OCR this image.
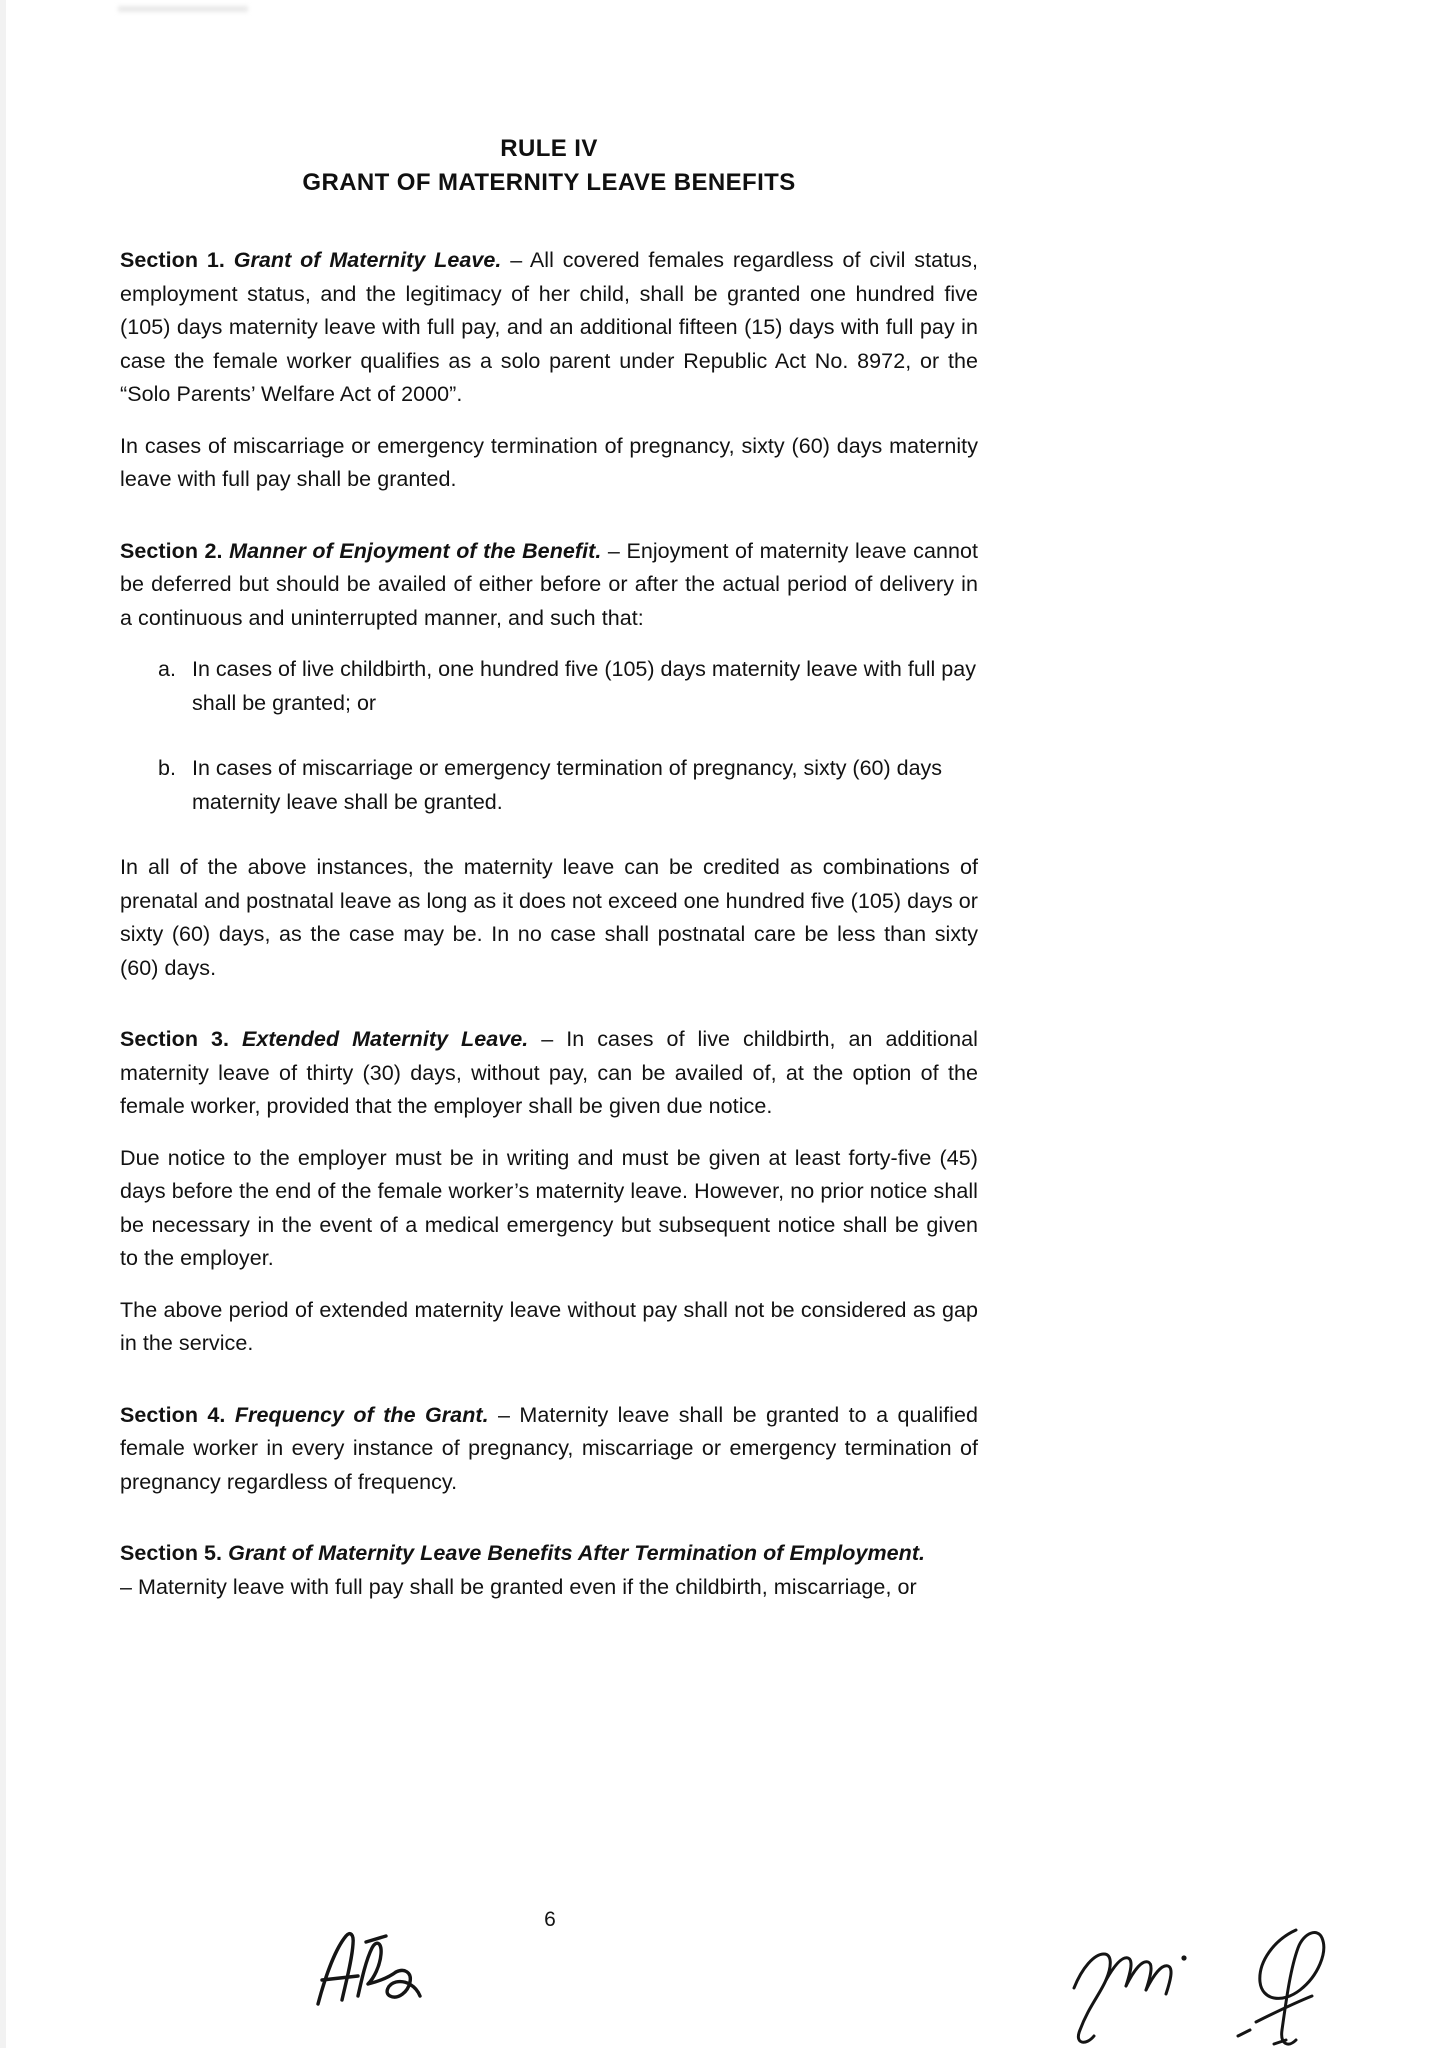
RULE IV
GRANT OF MATERNITY LEAVE BENEFITS

Section 1. Grant of Maternity Leave. – All covered females regardless of civil status, employment status, and the legitimacy of her child, shall be granted one hundred five (105) days maternity leave with full pay, and an additional fifteen (15) days with full pay in case the female worker qualifies as a solo parent under Republic Act No. 8972, or the “Solo Parents’ Welfare Act of 2000”.

In cases of miscarriage or emergency termination of pregnancy, sixty (60) days maternity leave with full pay shall be granted.

Section 2. Manner of Enjoyment of the Benefit. – Enjoyment of maternity leave cannot be deferred but should be availed of either before or after the actual period of delivery in a continuous and uninterrupted manner, and such that:

a. In cases of live childbirth, one hundred five (105) days maternity leave with full pay shall be granted; or
b. In cases of miscarriage or emergency termination of pregnancy, sixty (60) days maternity leave shall be granted.

In all of the above instances, the maternity leave can be credited as combinations of prenatal and postnatal leave as long as it does not exceed one hundred five (105) days or sixty (60) days, as the case may be. In no case shall postnatal care be less than sixty (60) days.

Section 3. Extended Maternity Leave. – In cases of live childbirth, an additional maternity leave of thirty (30) days, without pay, can be availed of, at the option of the female worker, provided that the employer shall be given due notice.

Due notice to the employer must be in writing and must be given at least forty-five (45) days before the end of the female worker’s maternity leave. However, no prior notice shall be necessary in the event of a medical emergency but subsequent notice shall be given to the employer.

The above period of extended maternity leave without pay shall not be considered as gap in the service.

Section 4. Frequency of the Grant. – Maternity leave shall be granted to a qualified female worker in every instance of pregnancy, miscarriage or emergency termination of pregnancy regardless of frequency.

Section 5. Grant of Maternity Leave Benefits After Termination of Employment.
– Maternity leave with full pay shall be granted even if the childbirth, miscarriage, or

6
